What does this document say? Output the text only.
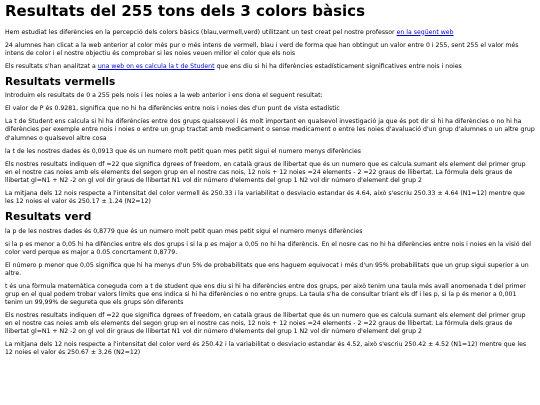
Resultats del 255 tons dels 3 colors bàsics

Hem estudiat les diferències en la percepció dels colors bàsics (blau,vermell,verd) utilitzant un test creat pel nostre professor en la següent web

24 alumnes han clicat a la web anterior al color més pur o més intens de vermell, blau i verd de forma que han obtingut un valor entre 0 i 255, sent 255 el valor més intens de color i el nostre objectiu és comprobar si les noies veuen millor el color que els nois

Els resultats s'han analitzat a una web on es calcula la t de Student que ens diu si hi ha diferències estadísticament significatives entre nois i noies

Resultats vermells

Introduim els resultats de 0 a 255 pels nois i les noies a la web anterior i ens dona el seguent resultat:

El valor de P és 0.9281, significa que no hi ha diferències entre nois i noies des d'un punt de vista estadístic

La t de Student ens calcula si hi ha diferències entre dos grups qualssevol i és molt important en qualsevol investigació ja que és pot dir si hi ha diferències o no hi ha diferències per exemple entre nois i noies o entre un grup tractat amb medicament o sense medicament o entre les noies d'avaluació d'un grup d'alumnes o un altre grup d'alumnes o qualsevol altre cosa

la t de les nostres dades és 0,0913 que és un numero molt petit quan mes petit sigui el numero menys diferències

Els nostres resultats indiquen df =22 que significa dgrees of freedom, en català graus de llibertat que és un numero que es calcula sumant els element del primer grup en el nostre cas noies amb els elements del segon grup en el nostre cas nois, 12 nois + 12 noies =24 elements - 2 =22 graus de llibertat. La fórmula dels graus de llibertat gl=N1 + N2 -2 on gl vol dir graus de llibertat N1 vol dir número d'elements del grup 1 N2 vol dir número d'element del grup 2

La mitjana dels 12 nois respecte a l'intensitat del color vermell és 250.33 i la variabilitat o desviacio estandar és 4.64, això s'escriu 250.33 ± 4.64 (N1=12) mentre que les 12 noies el valor és 250.17 ± 1.24 (N2=12)

Resultats verd

la p de les nostres dades és 0,8779 que és un numero molt petit quan mes petit sigui el numero menys diferències

si la p es menor a 0,05 hi ha difències entre els dos grups i si la p es major a 0,05 no hi ha diferèncis. En el nosre cas no hi ha diferències entre nois i noies en la visió del color verd perque es major a 0.05 concrtament 0,8779.

El número p menor que 0,05 significa que hi ha menys d'un 5% de probabilitats que ens haguem equivocat i més d'un 95% probabilitats que un grup sigui superior a un altre.

t és una fòrmula matemàtica coneguda com a t de student que ens diu si hi ha diferències entre dos grups, per això tenim una taula més avall anomenada t del primer grup en el qual podem trobar valors límits que ens indica si hi ha diferències o no entre grups. La taula s'ha de consultar triant els df i les p, si la p és menor a 0,001 tenim un 99,99% de segureta que els grups són diferents

Els nostres resultats indiquen df =22 que significa dgrees of freedom, en català graus de llibertat que és un numero que es calcula sumant els element del primer grup en el nostre cas noies amb els elements del segon grup en el nostre cas nois, 12 nois + 12 noies =24 elements - 2 =22 graus de llibertat. La fórmula dels graus de llibertat gl=N1 + N2 -2 on gl vol dir graus de llibertat N1 vol dir número d'elements del grup 1 N2 vol dir número d'element del grup 2

La mitjana dels 12 nois respecte a l'intensitat del color verd és 250.42 i la variabilitat o desviacio estandar és 4.52, això s'escriu 250.42 ± 4.52 (N1=12) mentre que les 12 noies el valor és 250.67 ± 3.26 (N2=12)
